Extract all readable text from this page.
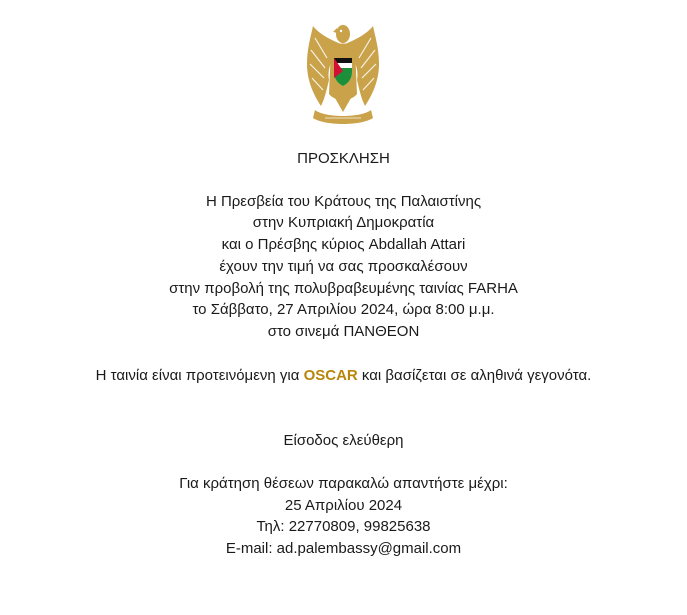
ΠΡΟΣΚΛΗΣΗ
Η Πρεσβεία του Κράτους της Παλαιστίνης
στην Κυπριακή Δημοκρατία
και ο Πρέσβης κύριος Abdallah Attari
έχουν την τιμή να σας προσκαλέσουν
στην προβολή της πολυβραβευμένης ταινίας FARHA
το Σάββατο, 27 Απριλίου 2024, ώρα 8:00 μ.μ.
στο σινεμά ΠΑΝΘΕΟΝ
Η ταινία είναι προτεινόμενη για OSCAR και βασίζεται σε αληθινά γεγονότα.
Είσοδος ελεύθερη
Για κράτηση θέσεων παρακαλώ απαντήστε μέχρι:
25 Απριλίου 2024
Τηλ: 22770809, 99825638
E-mail: ad.palembassy@gmail.com
